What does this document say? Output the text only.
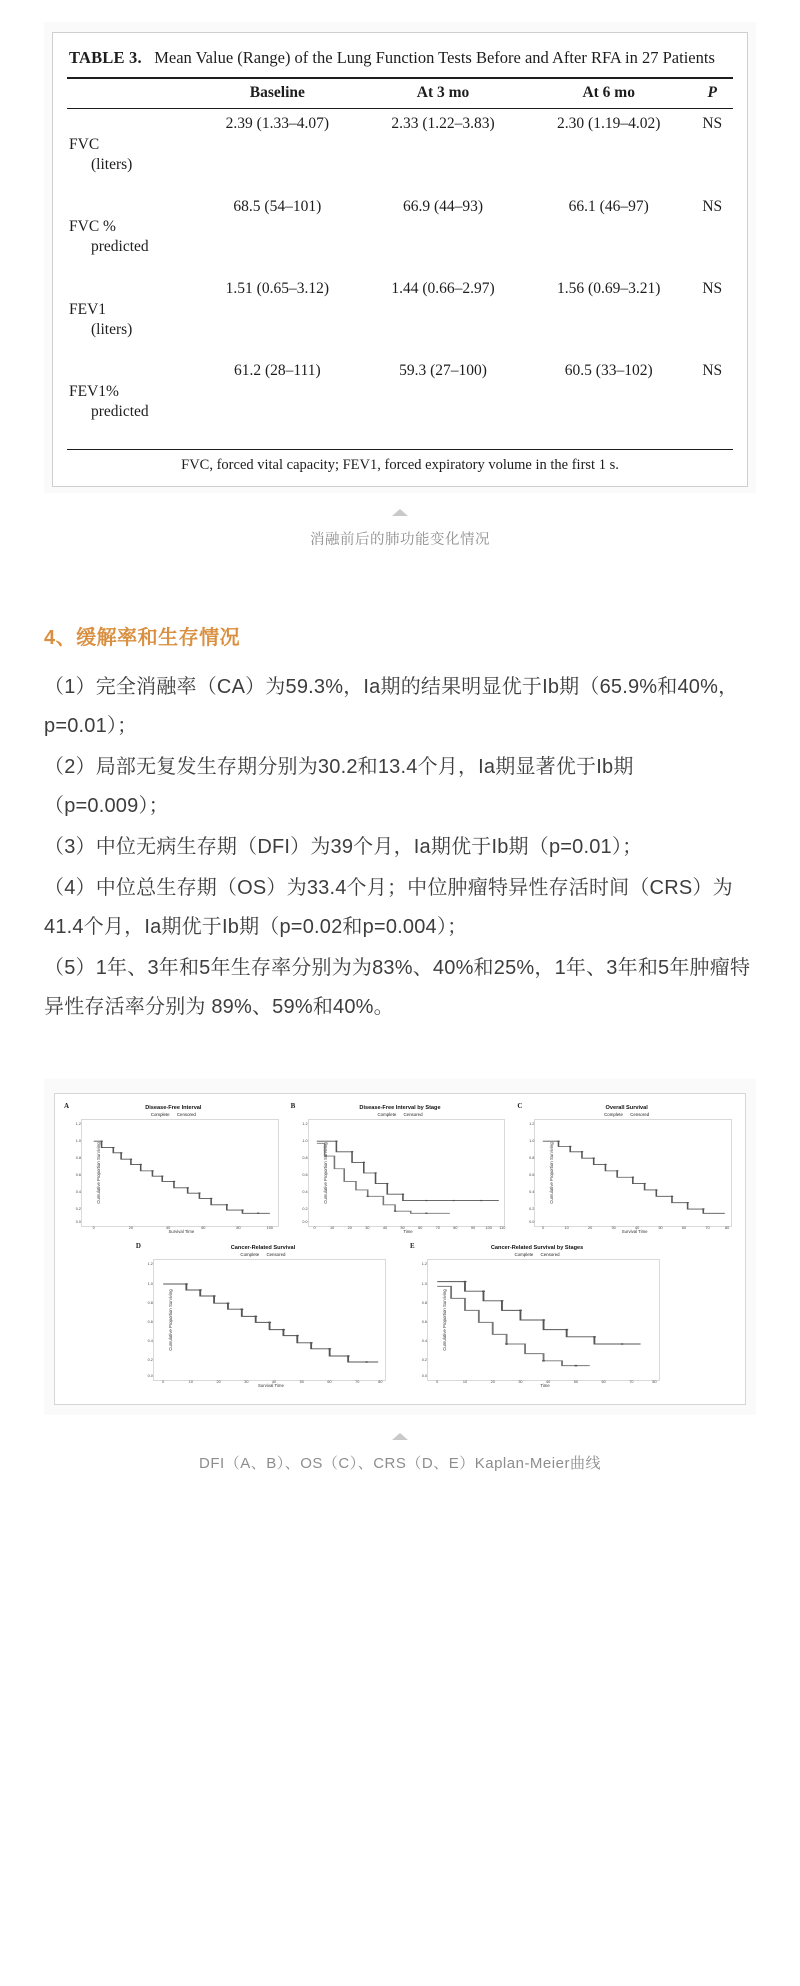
TABLE 3. Mean Value (Range) of the Lung Function Tests Before and After RFA in 27 Patients
	Baseline	At 3 mo	At 6 mo	P

FVC

(liters)	2.39 (1.33–4.07)	2.33 (1.22–3.83)	2.30 (1.19–4.02)	NS

FVC %

predicted	68.5 (54–101)	66.9 (44–93)	66.1 (46–97)	NS

FEV1

(liters)	1.51 (0.65–3.12)	1.44 (0.66–2.97)	1.56 (0.69–3.21)	NS

FEV1%

predicted	61.2 (28–111)	59.3 (27–100)	60.5 (33–102)	NS
FVC, forced vital capacity; FEV1, forced expiratory volume in the first 1 s.
消融前后的肺功能变化情况
4、缓解率和生存情况

（1）完全消融率（CA）为59.3%，Ia期的结果明显优于Ib期（65.9%和40%，p=0.01）；

（2）局部无复发生存期分别为30.2和13.4个月，Ia期显著优于Ib期（p=0.009）；

（3）中位无病生存期（DFI）为39个月，Ia期优于Ib期（p=0.01）；

（4）中位总生存期（OS）为33.4个月；中位肿瘤特异性存活时间（CRS）为41.4个月，Ia期优于Ib期（p=0.02和p=0.004）；

（5）1年、3年和5年生存率分别为为83%、40%和25%，1年、3年和5年肿瘤特异性存活率分别为 89%、59%和40%。

A	Disease-Free Interval
Complete Censored
Cumulative Proportion Surviving
1.2
1.0
0.8
0.6
0.4
0.2
0.0
0	20	40	60	80	100
Survival Time
B	Disease-Free Interval by Stage
Complete Censored
Cumulative Proportion Surviving
1.2
1.0
0.8
0.6
0.4
0.2
0.0
0	10	20	30	40	50	60	70	80	90	100 110
Time
C	Overall Survival
Complete Censored
Cumulative Proportion Surviving
1.2
1.0
0.8
0.6
0.4
0.2
0.0
0	10	20	30	40	50	60	70	80
Survival Time
D	Cancer-Related Survival
Complete Censored
Cumulative Proportion Surviving
1.2
1.0
0.8
0.6
0.4
0.2
0.0
0	10	20	30	40	50	60	70	80
Survival Time
E	Cancer-Related Survival by Stages
Complete Censored
Cumulative Proportion Surviving
1.2
1.0
0.8
0.6
0.4
0.2
0.0
0	10	20	30	40	50	60	70	80
Time
DFI（A、B）、OS（C）、CRS（D、E）Kaplan-Meier曲线
